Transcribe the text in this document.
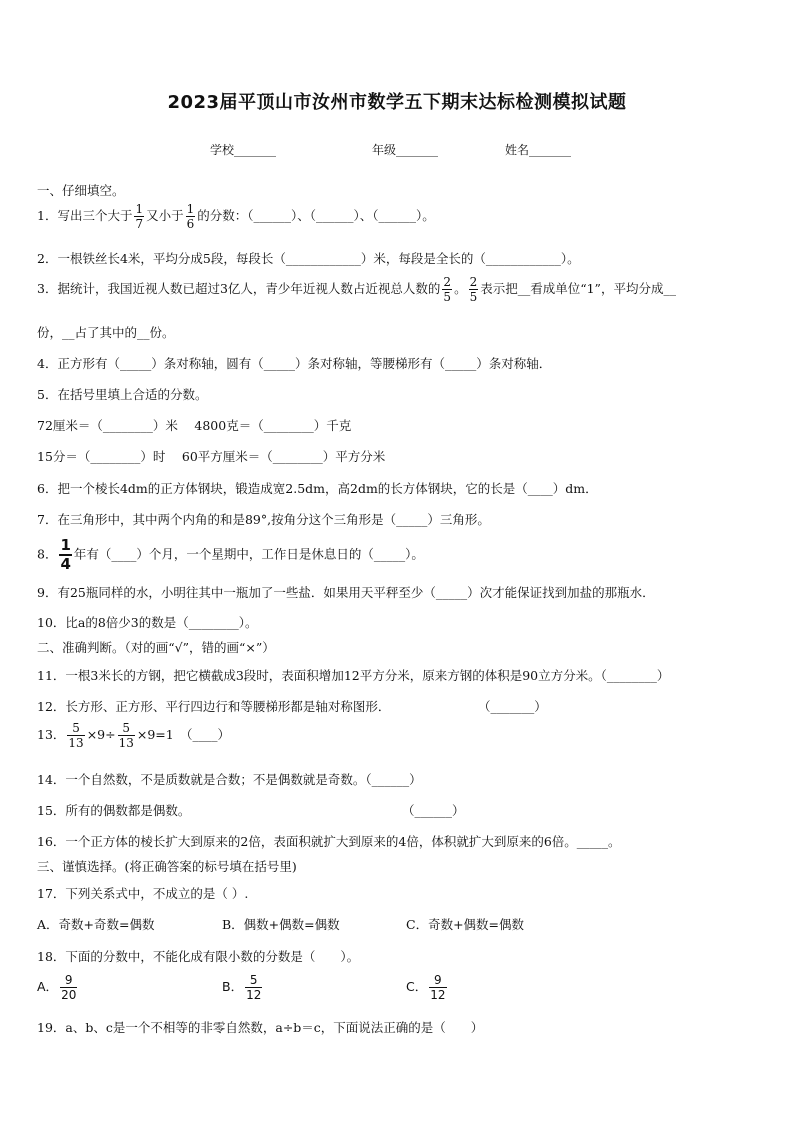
2023届平顶山市汝州市数学五下期末达标检测模拟试题
学校_______	年级_______	姓名_______
一、仔细填空。
1．写出三个大于 $\frac{1}{7}$ 又小于 $\frac{1}{6}$ 的分数：（______）、（______）、（______）。
2．一根铁丝长4米，平均分成5段，每段长（____________）米，每段是全长的（____________）。
3．据统计，我国近视人数已超过3亿人，青少年近视人数占近视总人数的 $\frac{2}{5}$ 。 $\frac{2}{5}$ 表示把__看成单位“1”，平均分成__
份，__占了其中的__份。
4．正方形有（_____）条对称轴，圆有（_____）条对称轴，等腰梯形有（_____）条对称轴．
5．在括号里填上合适的分数。
72厘米＝（________）米　 4800克＝（________）千克
15分＝（________）时　 60平方厘米＝（________）平方分米
6．把一个棱长4dm的正方体钢块，锻造成宽2.5dm，高2dm的长方体钢块，它的长是（____）dm．
7．在三角形中，其中两个内角的和是89°,按角分这个三角形是（_____）三角形。
8． $\frac{1}{4}$ 年有（____）个月，一个星期中，工作日是休息日的（_____）。
9．有25瓶同样的水，小明往其中一瓶加了一些盐．如果用天平秤至少（_____）次才能保证找到加盐的那瓶水．
10．比a的8倍少3的数是（________）。
二、准确判断。（对的画“√”，错的画“×”）
11．一根3米长的方钢，把它横截成3段时，表面积增加12平方分米，原来方钢的体积是90立方分米。（________）
12．长方形、正方形、平行四边行和等腰梯形都是轴对称图形．	（_______）
13． $\frac{5}{13} \times 9\div \frac{5}{13} \times 9=1$　（____）
14．一个自然数，不是质数就是合数；不是偶数就是奇数。（______）
15．所有的偶数都是偶数。	（______）
16．一个正方体的棱长扩大到原来的2倍，表面积就扩大到原来的4倍，体积就扩大到原来的6倍。_____。
三、谨慎选择。(将正确答案的标号填在括号里)
17．下列关系式中，不成立的是（ ）.
A．奇数+奇数=偶数	B．偶数+偶数=偶数	C．奇数+偶数=偶数
18．下面的分数中，不能化成有限小数的分数是（　　）。
A． $\frac{9}{20}$	B． $\frac{5}{12}$	C． $\frac{9}{12}$
19．a、b、c是一个不相等的非零自然数，a÷b＝c，下面说法正确的是（　　）
